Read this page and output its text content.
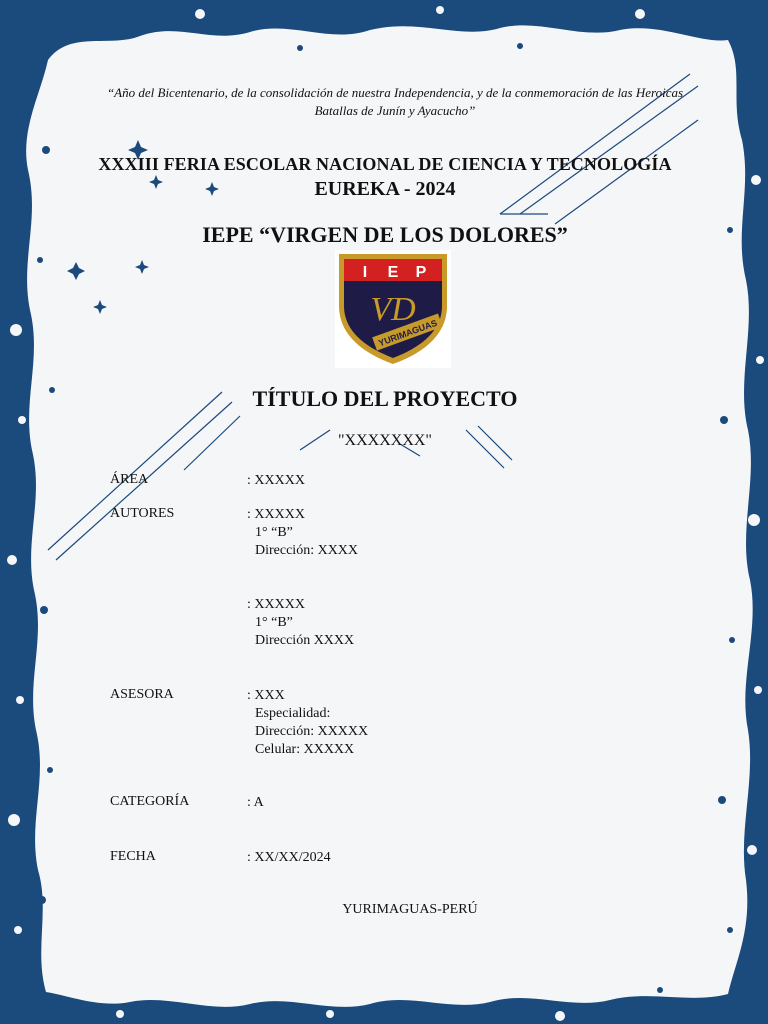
“Año del Bicentenario, de la consolidación de nuestra Independencia, y de la conmemoración de las Heroicas Batallas de Junín y Ayacucho”
XXXIII FERIA ESCOLAR NACIONAL DE CIENCIA Y TECNOLOGÍA
EUREKA - 2024
IEPE “VIRGEN DE LOS DOLORES”
I E P
VD
YURIMAGUAS
TÍTULO DEL PROYECTO
"XXXXXXX"
ÁREA	: XXXXX
AUTORES	: XXXXX
1° “B”
Dirección: XXXX
: XXXXX
1° “B”
Dirección XXXX
ASESORA	: XXX
Especialidad:
Dirección: XXXXX
Celular: XXXXX
CATEGORÍA	: A
FECHA	: XX/XX/2024
YURIMAGUAS-PERÚ
